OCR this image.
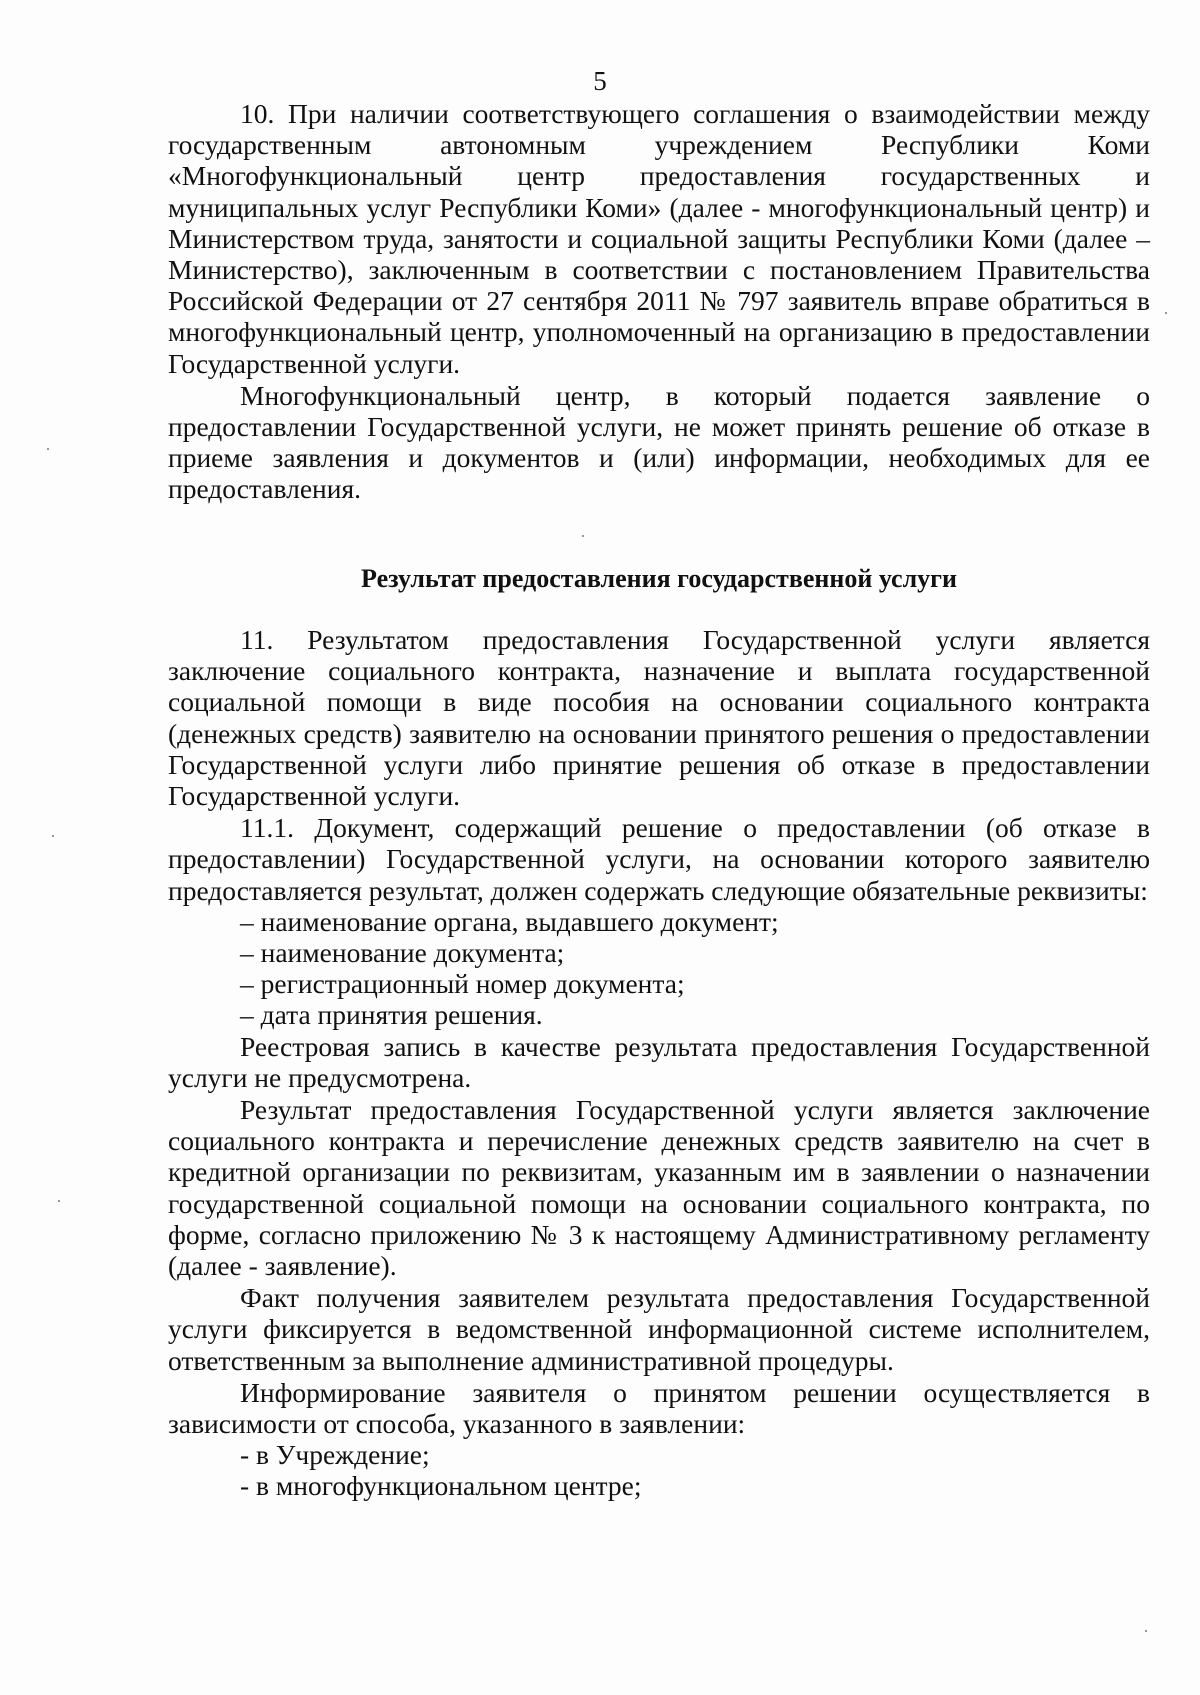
5

10. При наличии соответствующего соглашения о взаимодействии между государственным автономным учреждением Республики Коми «Многофункциональный центр предоставления государственных и муниципальных услуг Республики Коми» (далее - многофункциональный центр) и Министерством труда, занятости и социальной защиты Республики Коми (далее – Министерство), заключенным в соответствии с постановлением Правительства Российской Федерации от 27 сентября 2011 № 797 заявитель вправе обратиться в многофункциональный центр, уполномоченный на организацию в предоставлении Государственной услуги.

Многофункциональный центр, в который подается заявление о предоставлении Государственной услуги, не может принять решение об отказе в приеме заявления и документов и (или) информации, необходимых для ее предоставления.

Результат предоставления государственной услуги

11. Результатом предоставления Государственной услуги является заключение социального контракта, назначение и выплата государственной социальной помощи в виде пособия на основании социального контракта (денежных средств) заявителю на основании принятого решения о предоставлении Государственной услуги либо принятие решения об отказе в предоставлении Государственной услуги.

11.1. Документ, содержащий решение о предоставлении (об отказе в предоставлении) Государственной услуги, на основании которого заявителю предоставляется результат, должен содержать следующие обязательные реквизиты:

– наименование органа, выдавшего документ;

– наименование документа;

– регистрационный номер документа;

– дата принятия решения.

Реестровая запись в качестве результата предоставления Государственной услуги не предусмотрена.

Результат предоставления Государственной услуги является заключение социального контракта и перечисление денежных средств заявителю на счет в кредитной организации по реквизитам, указанным им в заявлении о назначении государственной социальной помощи на основании социального контракта, по форме, согласно приложению № 3 к настоящему Административному регламенту (далее - заявление).

Факт получения заявителем результата предоставления Государственной услуги фиксируется в ведомственной информационной системе исполнителем, ответственным за выполнение административной процедуры.

Информирование заявителя о принятом решении осуществляется в зависимости от способа, указанного в заявлении:

- в Учреждение;

- в многофункциональном центре;
